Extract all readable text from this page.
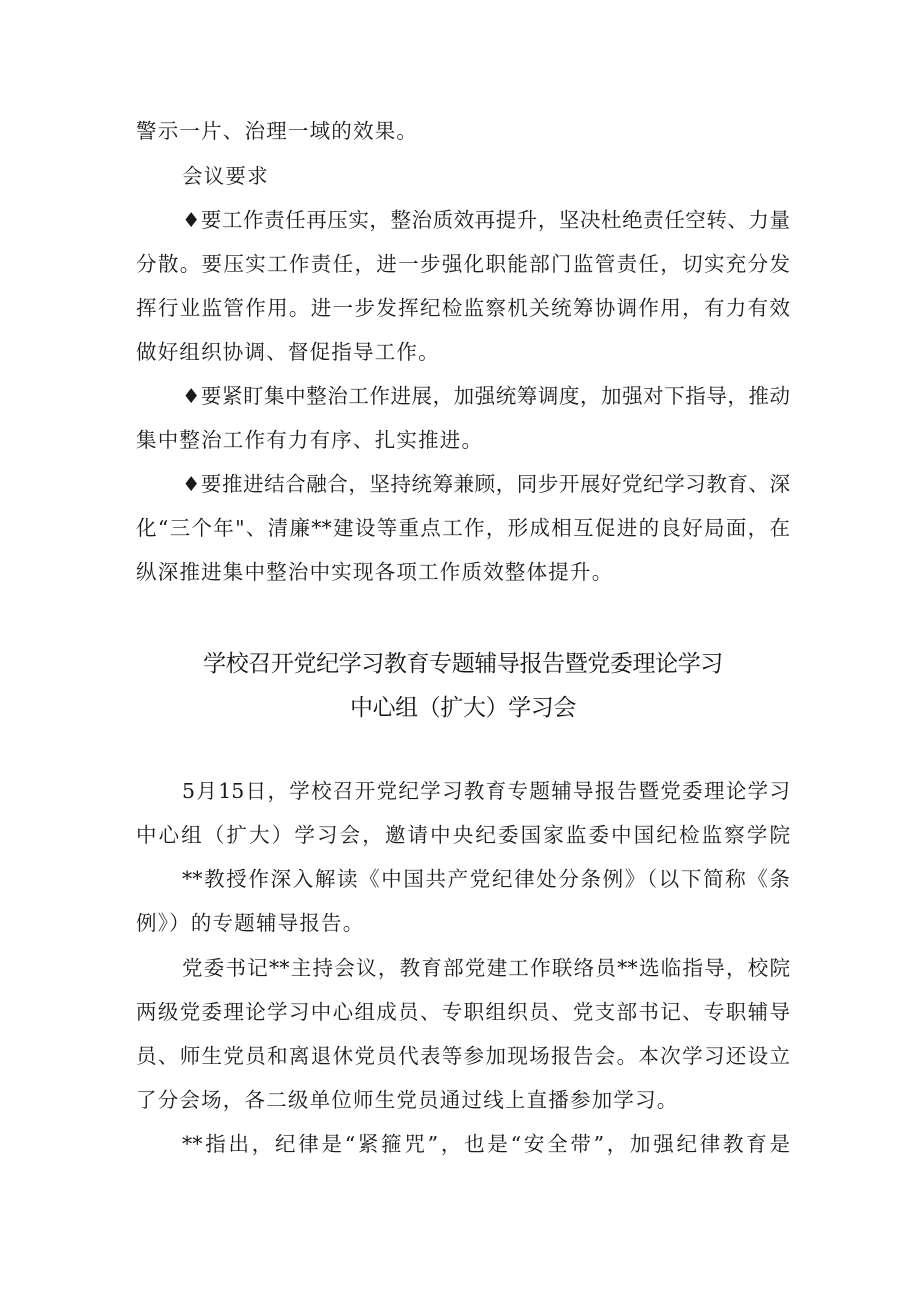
警示一片、治理一域的效果。
会议要求
♦要工作责任再压实，整治质效再提升，坚决杜绝责任空转、力量
分散。要压实工作责任，进一步强化职能部门监管责任，切实充分发
挥行业监管作用。进一步发挥纪检监察机关统筹协调作用，有力有效
做好组织协调、督促指导工作。
♦要紧盯集中整治工作进展，加强统筹调度，加强对下指导，推动
集中整治工作有力有序、扎实推进。
♦要推进结合融合，坚持统筹兼顾，同步开展好党纪学习教育、深
化“三个年"、清廉**建设等重点工作，形成相互促进的良好局面，在
纵深推进集中整治中实现各项工作质效整体提升。
学校召开党纪学习教育专题辅导报告暨党委理论学习
中心组（扩大）学习会
5月15日，学校召开党纪学习教育专题辅导报告暨党委理论学习
中心组（扩大）学习会，邀请中央纪委国家监委中国纪检监察学院
**教授作深入解读《中国共产党纪律处分条例》（以下简称《条
例》）的专题辅导报告。
党委书记**主持会议，教育部党建工作联络员**选临指导，校院
两级党委理论学习中心组成员、专职组织员、党支部书记、专职辅导
员、师生党员和离退休党员代表等参加现场报告会。本次学习还设立
了分会场，各二级单位师生党员通过线上直播参加学习。
**指出，纪律是“紧箍咒”，也是“安全带”，加强纪律教育是
